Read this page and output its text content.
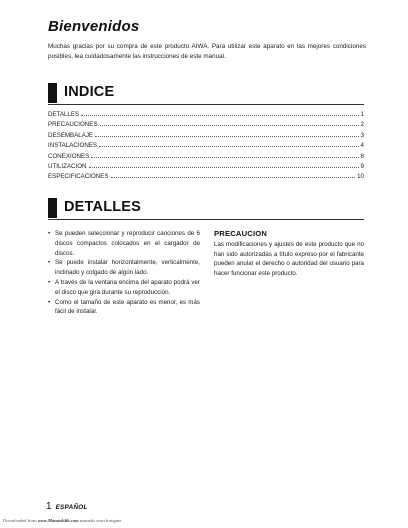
Bienvenidos
Muchas gracias por su compra de este producto AIWA. Para utilizar este aparato en las mejores condiciones posibles, lea cuidadosamente las instrucciones de este manual.
INDICE
DETALLES	1
PRECAUCIONES	2
DESEMBALAJE	3
INSTALACIONES	4
CONEXIONES	8
UTILIZACION	9
ESPECIFICACIONES	10
DETALLES
• Se pueden seleccionar y reproducir canciones de 6 discos compactos colocados en el cargador de discos.
• Se puede instalar horizontalmente, verticalmente, inclinado y colgado de algún lado.
• A través de la ventana encima del aparato podrá ver el disco que gira durante su reproducción.
• Como el tamaño de este aparato es menor, es más fácil de instalar.
PRECAUCION
Las modificaciones y ajustes de este producto que no han sido autorizadas a título expreso por el fabricante pueden anular el derecho o autoridad del usuario para hacer funcionar este producto.
1 ESPAÑOL
Downloaded from www.Manualslib.com manuals search engine
